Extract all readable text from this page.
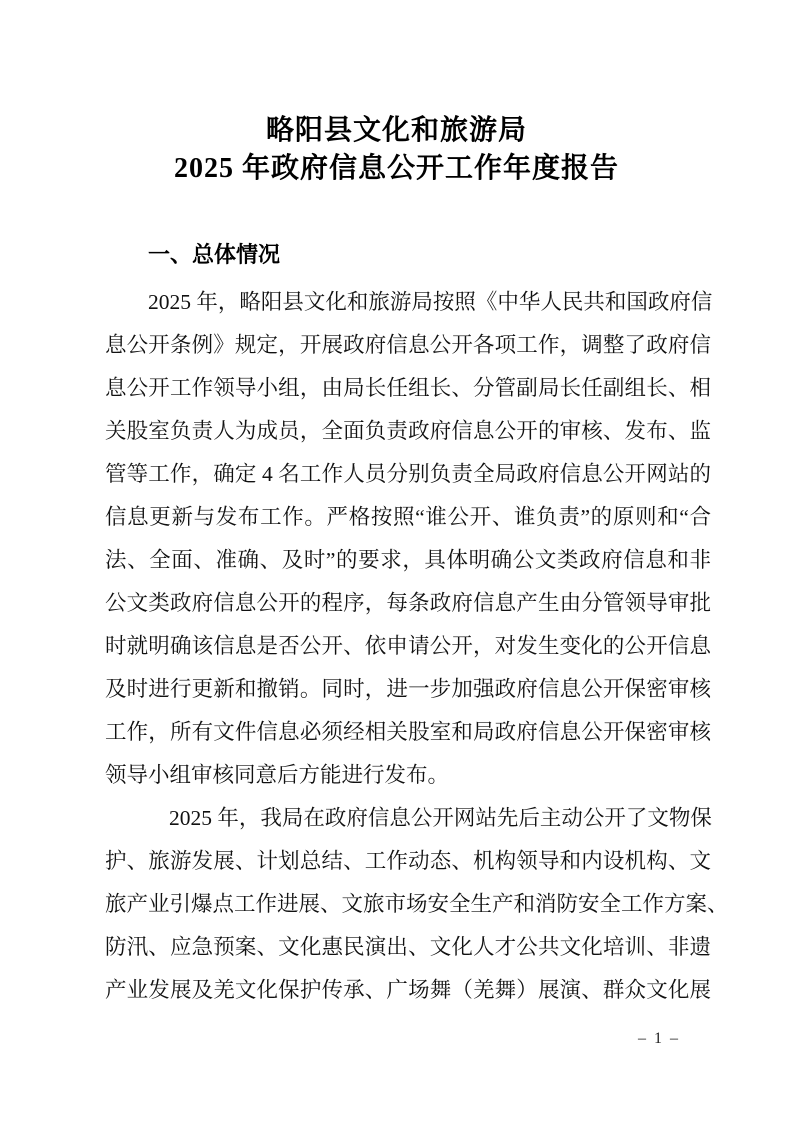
略阳县文化和旅游局
2025 年政府信息公开工作年度报告
一、总体情况
2025 年，略阳县文化和旅游局按照《中华人民共和国政府信
息公开条例》规定，开展政府信息公开各项工作，调整了政府信
息公开工作领导小组，由局长任组长、分管副局长任副组长、相
关股室负责人为成员，全面负责政府信息公开的审核、发布、监
管等工作，确定 4 名工作人员分别负责全局政府信息公开网站的
信息更新与发布工作。严格按照“谁公开、谁负责”的原则和“合
法、全面、准确、及时”的要求，具体明确公文类政府信息和非
公文类政府信息公开的程序，每条政府信息产生由分管领导审批
时就明确该信息是否公开、依申请公开，对发生变化的公开信息
及时进行更新和撤销。同时，进一步加强政府信息公开保密审核
工作，所有文件信息必须经相关股室和局政府信息公开保密审核
领导小组审核同意后方能进行发布。
2025 年，我局在政府信息公开网站先后主动公开了文物保
护、旅游发展、计划总结、工作动态、机构领导和内设机构、文
旅产业引爆点工作进展、文旅市场安全生产和消防安全工作方案、
防汛、应急预案、文化惠民演出、文化人才公共文化培训、非遗
产业发展及羌文化保护传承、广场舞（羌舞）展演、群众文化展
– 1 –
